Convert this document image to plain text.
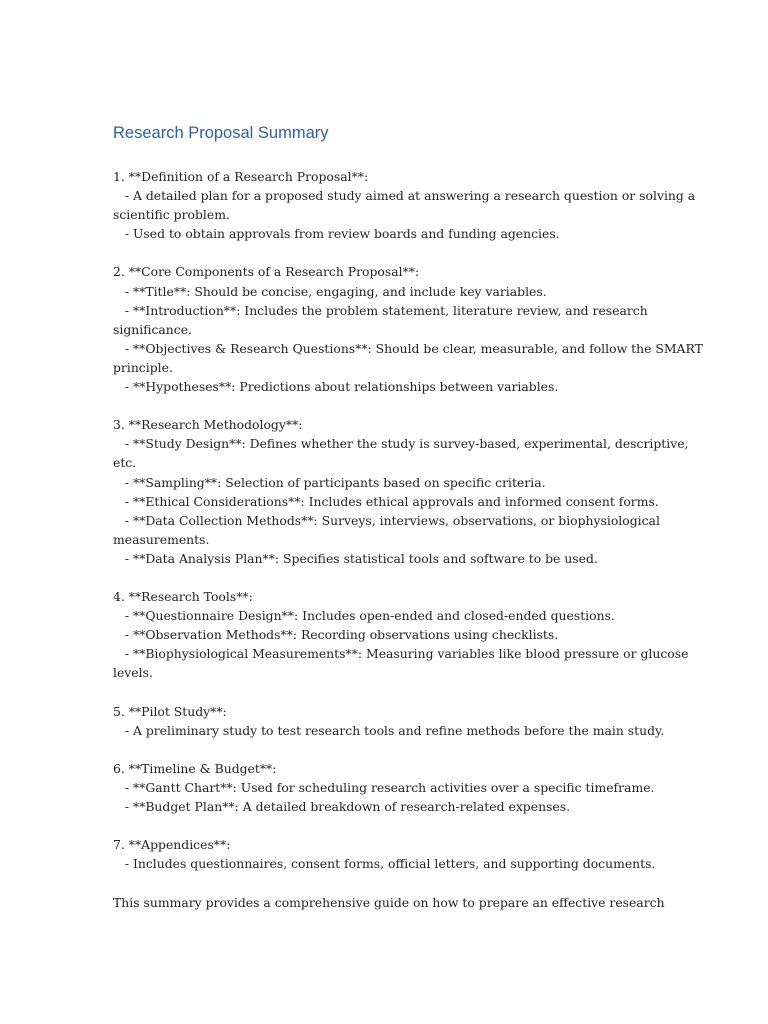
Research Proposal Summary
1. **Definition of a Research Proposal**:
- A detailed plan for a proposed study aimed at answering a research question or solving a
scientific problem.
- Used to obtain approvals from review boards and funding agencies.
2. **Core Components of a Research Proposal**:
- **Title**: Should be concise, engaging, and include key variables.
- **Introduction**: Includes the problem statement, literature review, and research
significance.
- **Objectives & Research Questions**: Should be clear, measurable, and follow the SMART
principle.
- **Hypotheses**: Predictions about relationships between variables.
3. **Research Methodology**:
- **Study Design**: Defines whether the study is survey-based, experimental, descriptive,
etc.
- **Sampling**: Selection of participants based on specific criteria.
- **Ethical Considerations**: Includes ethical approvals and informed consent forms.
- **Data Collection Methods**: Surveys, interviews, observations, or biophysiological
measurements.
- **Data Analysis Plan**: Specifies statistical tools and software to be used.
4. **Research Tools**:
- **Questionnaire Design**: Includes open-ended and closed-ended questions.
- **Observation Methods**: Recording observations using checklists.
- **Biophysiological Measurements**: Measuring variables like blood pressure or glucose
levels.
5. **Pilot Study**:
- A preliminary study to test research tools and refine methods before the main study.
6. **Timeline & Budget**:
- **Gantt Chart**: Used for scheduling research activities over a specific timeframe.
- **Budget Plan**: A detailed breakdown of research-related expenses.
7. **Appendices**:
- Includes questionnaires, consent forms, official letters, and supporting documents.
This summary provides a comprehensive guide on how to prepare an effective research
